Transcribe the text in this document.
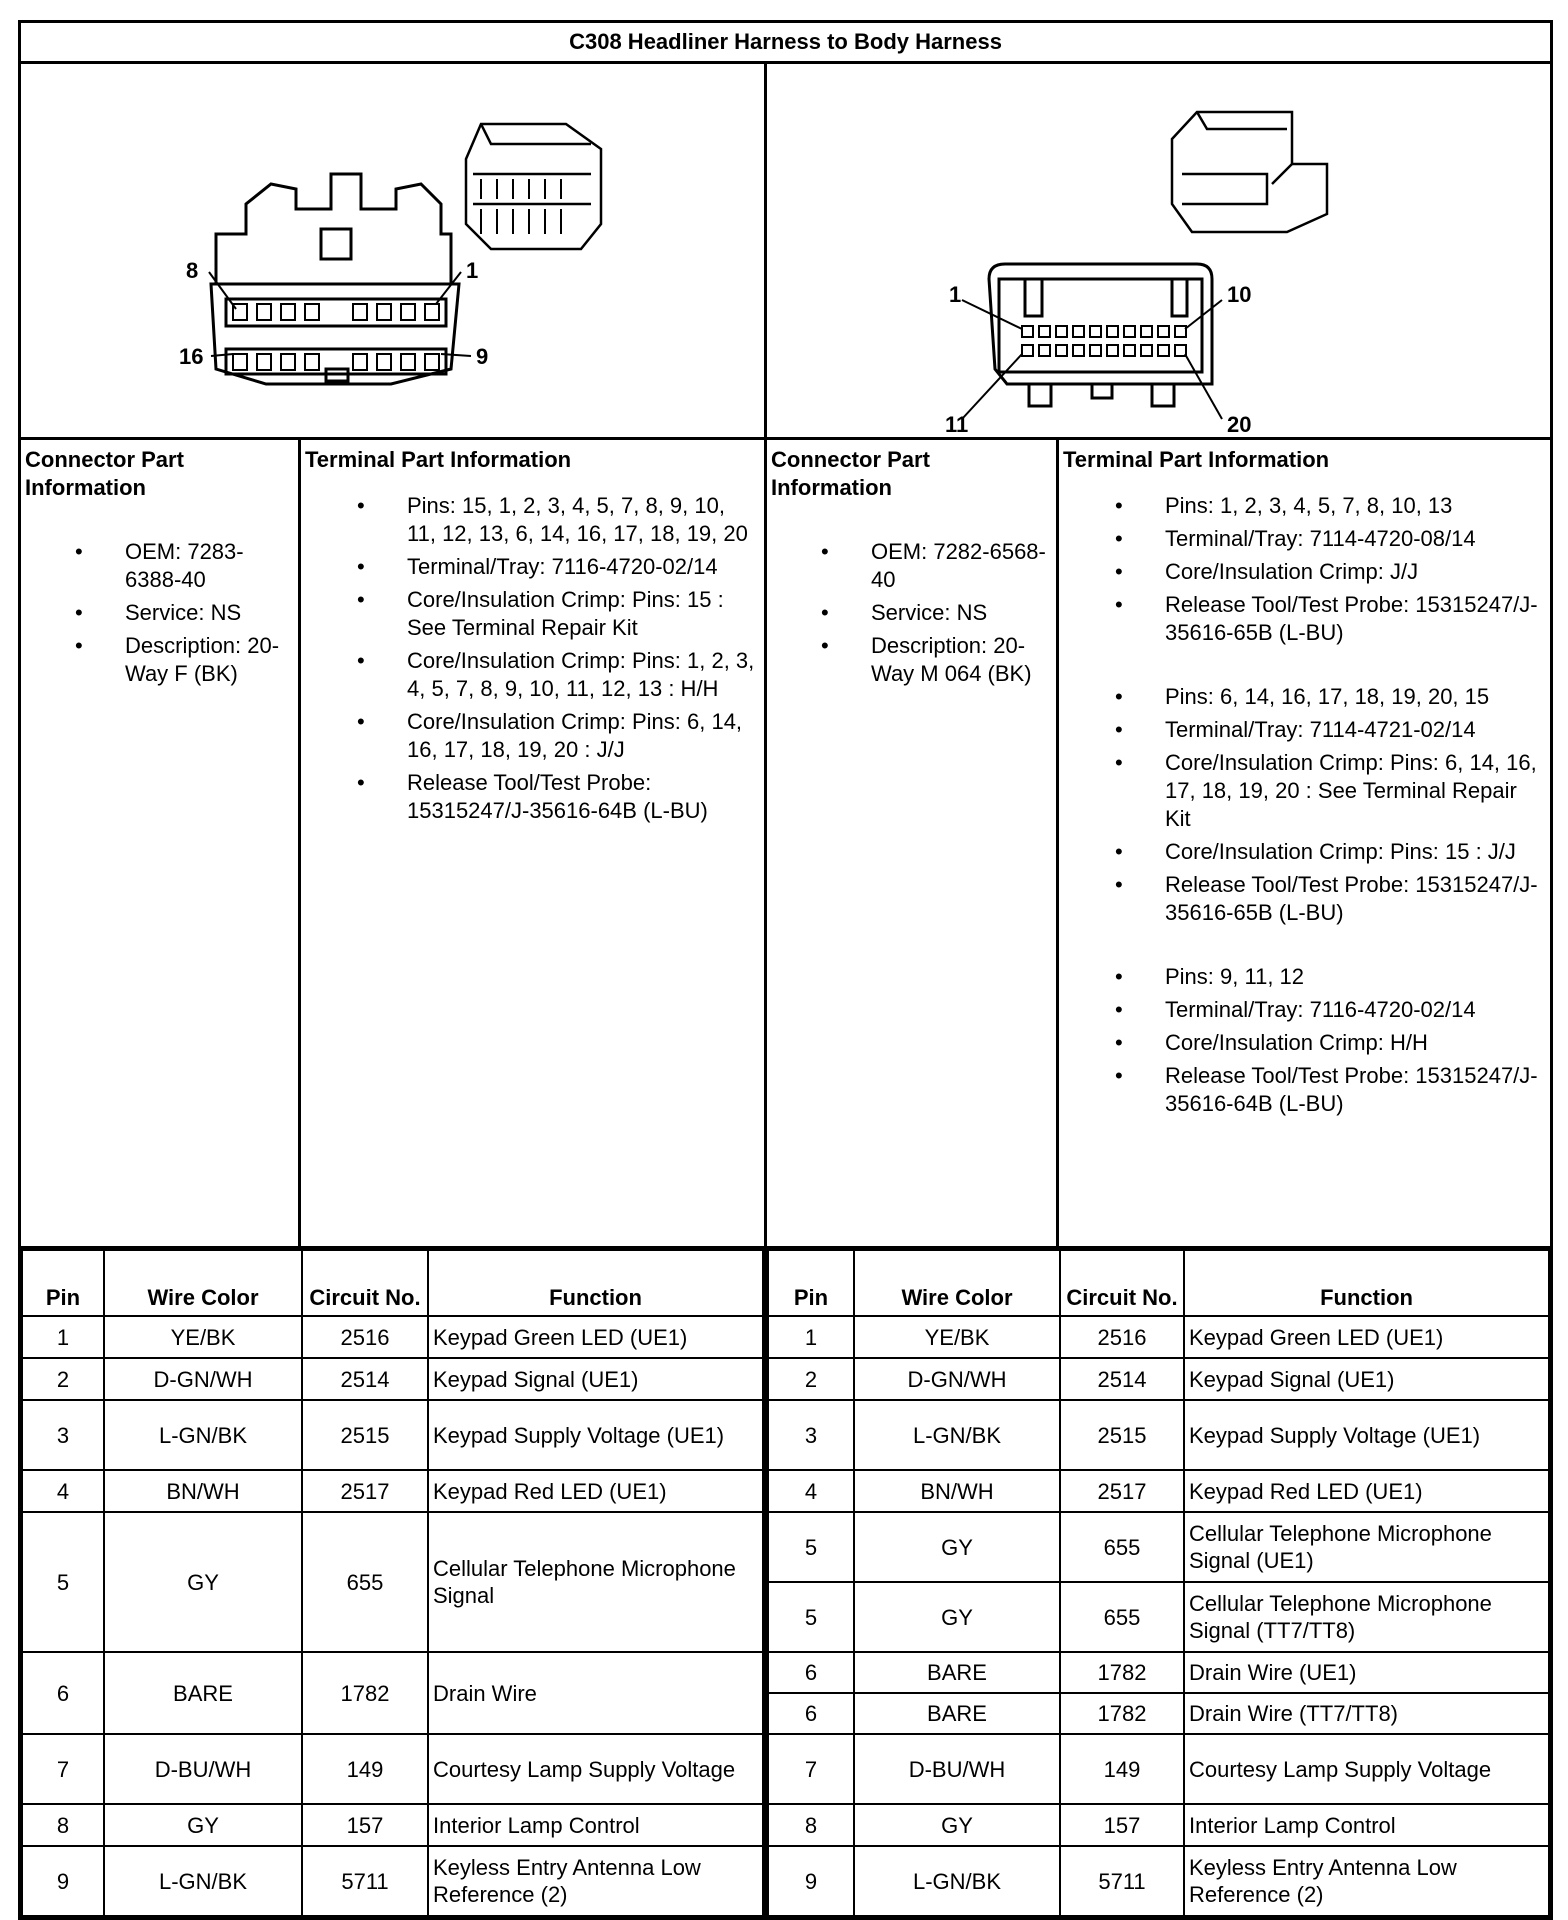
C308 Headliner Harness to Body Harness

8	1
16	9

1	10
11	20

Connector Part Information
• OEM: 7283-6388-40
• Service: NS
• Description: 20-Way F (BK)

Terminal Part Information
• Pins: 15, 1, 2, 3, 4, 5, 7, 8, 9, 10, 11, 12, 13, 6, 14, 16, 17, 18, 19, 20
• Terminal/Tray: 7116-4720-02/14
• Core/Insulation Crimp: Pins: 15 : See Terminal Repair Kit
• Core/Insulation Crimp: Pins: 1, 2, 3, 4, 5, 7, 8, 9, 10, 11, 12, 13 : H/H
• Core/Insulation Crimp: Pins: 6, 14, 16, 17, 18, 19, 20 : J/J
• Release Tool/Test Probe: 15315247/J-35616-64B (L-BU)

Connector Part Information
• OEM: 7282-6568-40
• Service: NS
• Description: 20-Way M 064 (BK)

Terminal Part Information
• Pins: 1, 2, 3, 4, 5, 7, 8, 10, 13
• Terminal/Tray: 7114-4720-08/14
• Core/Insulation Crimp: J/J
• Release Tool/Test Probe: 15315247/J-35616-65B (L-BU)
• Pins: 6, 14, 16, 17, 18, 19, 20, 15
• Terminal/Tray: 7114-4721-02/14
• Core/Insulation Crimp: Pins: 6, 14, 16, 17, 18, 19, 20 : See Terminal Repair Kit
• Core/Insulation Crimp: Pins: 15 : J/J
• Release Tool/Test Probe: 15315247/J-35616-65B (L-BU)
• Pins: 9, 11, 12
• Terminal/Tray: 7116-4720-02/14
• Core/Insulation Crimp: H/H
• Release Tool/Test Probe: 15315247/J-35616-64B (L-BU)

Pin	Wire Color	Circuit No.	Function
1	YE/BK	2516	Keypad Green LED (UE1)
2	D-GN/WH	2514	Keypad Signal (UE1)
3	L-GN/BK	2515	Keypad Supply Voltage (UE1)
4	BN/WH	2517	Keypad Red LED (UE1)
5	GY	655	Cellular Telephone Microphone Signal
6	BARE	1782	Drain Wire
7	D-BU/WH	149	Courtesy Lamp Supply Voltage
8	GY	157	Interior Lamp Control
9	L-GN/BK	5711	Keyless Entry Antenna Low Reference (2)

Pin	Wire Color	Circuit No.	Function
1	YE/BK	2516	Keypad Green LED (UE1)
2	D-GN/WH	2514	Keypad Signal (UE1)
3	L-GN/BK	2515	Keypad Supply Voltage (UE1)
4	BN/WH	2517	Keypad Red LED (UE1)
5	GY	655	Cellular Telephone Microphone Signal (UE1)
5	GY	655	Cellular Telephone Microphone Signal (TT7/TT8)
6	BARE	1782	Drain Wire (UE1)
6	BARE	1782	Drain Wire (TT7/TT8)
7	D-BU/WH	149	Courtesy Lamp Supply Voltage
8	GY	157	Interior Lamp Control
9	L-GN/BK	5711	Keyless Entry Antenna Low Reference (2)
